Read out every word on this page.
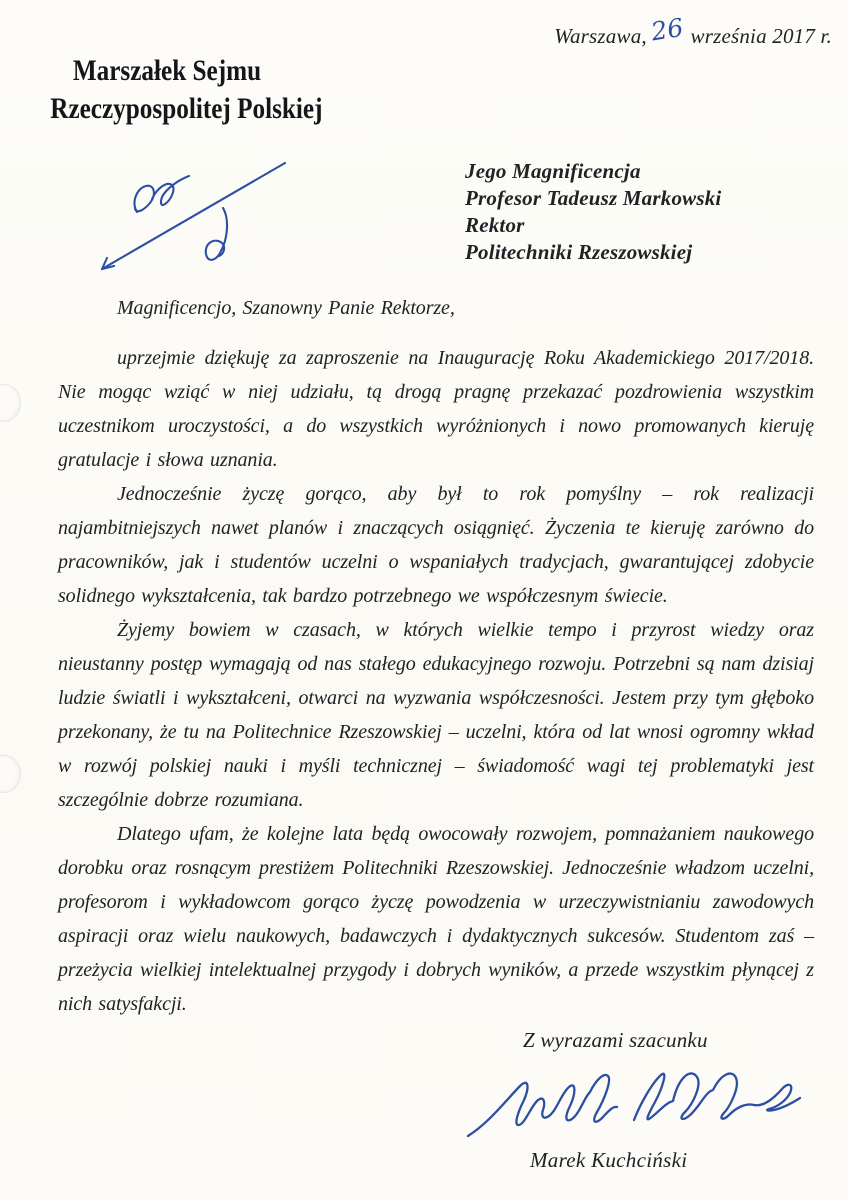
Warszawa,26 września 2017 r.
Marszałek Sejmu
Rzeczypospolitej Polskiej
Jego Magnificencja
Profesor Tadeusz Markowski
Rektor
Politechniki Rzeszowskiej

Magnificencjo, Szanowny Panie Rektorze,

uprzejmie dziękuję za zaproszenie na Inaugurację Roku Akademickiego 2017/2018. Nie mogąc wziąć w niej udziału, tą drogą pragnę przekazać pozdrowienia wszystkim uczestnikom uroczystości, a do wszystkich wyróżnionych i nowo promowanych kieruję gratulacje i słowa uznania.

Jednocześnie życzę gorąco, aby był to rok pomyślny – rok realizacji najambitniejszych nawet planów i znaczących osiągnięć. Życzenia te kieruję zarówno do pracowników, jak i studentów uczelni o wspaniałych tradycjach, gwarantującej zdobycie solidnego wykształcenia, tak bardzo potrzebnego we współczesnym świecie.

Żyjemy bowiem w czasach, w których wielkie tempo i przyrost wiedzy oraz nieustanny postęp wymagają od nas stałego edukacyjnego rozwoju. Potrzebni są nam dzisiaj ludzie światli i wykształceni, otwarci na wyzwania współczesności. Jestem przy tym głęboko przekonany, że tu na Politechnice Rzeszowskiej – uczelni, która od lat wnosi ogromny wkład w rozwój polskiej nauki i myśli technicznej – świadomość wagi tej problematyki jest szczególnie dobrze rozumiana.

Dlatego ufam, że kolejne lata będą owocowały rozwojem, pomnażaniem naukowego dorobku oraz rosnącym prestiżem Politechniki Rzeszowskiej. Jednocześnie władzom uczelni, profesorom i wykładowcom gorąco życzę powodzenia w urzeczywistnianiu zawodowych aspiracji oraz wielu naukowych, badawczych i dydaktycznych sukcesów. Studentom zaś – przeżycia wielkiej intelektualnej przygody i dobrych wyników, a przede wszystkim płynącej z nich satysfakcji.

Z wyrazami szacunku
Marek Kuchciński
